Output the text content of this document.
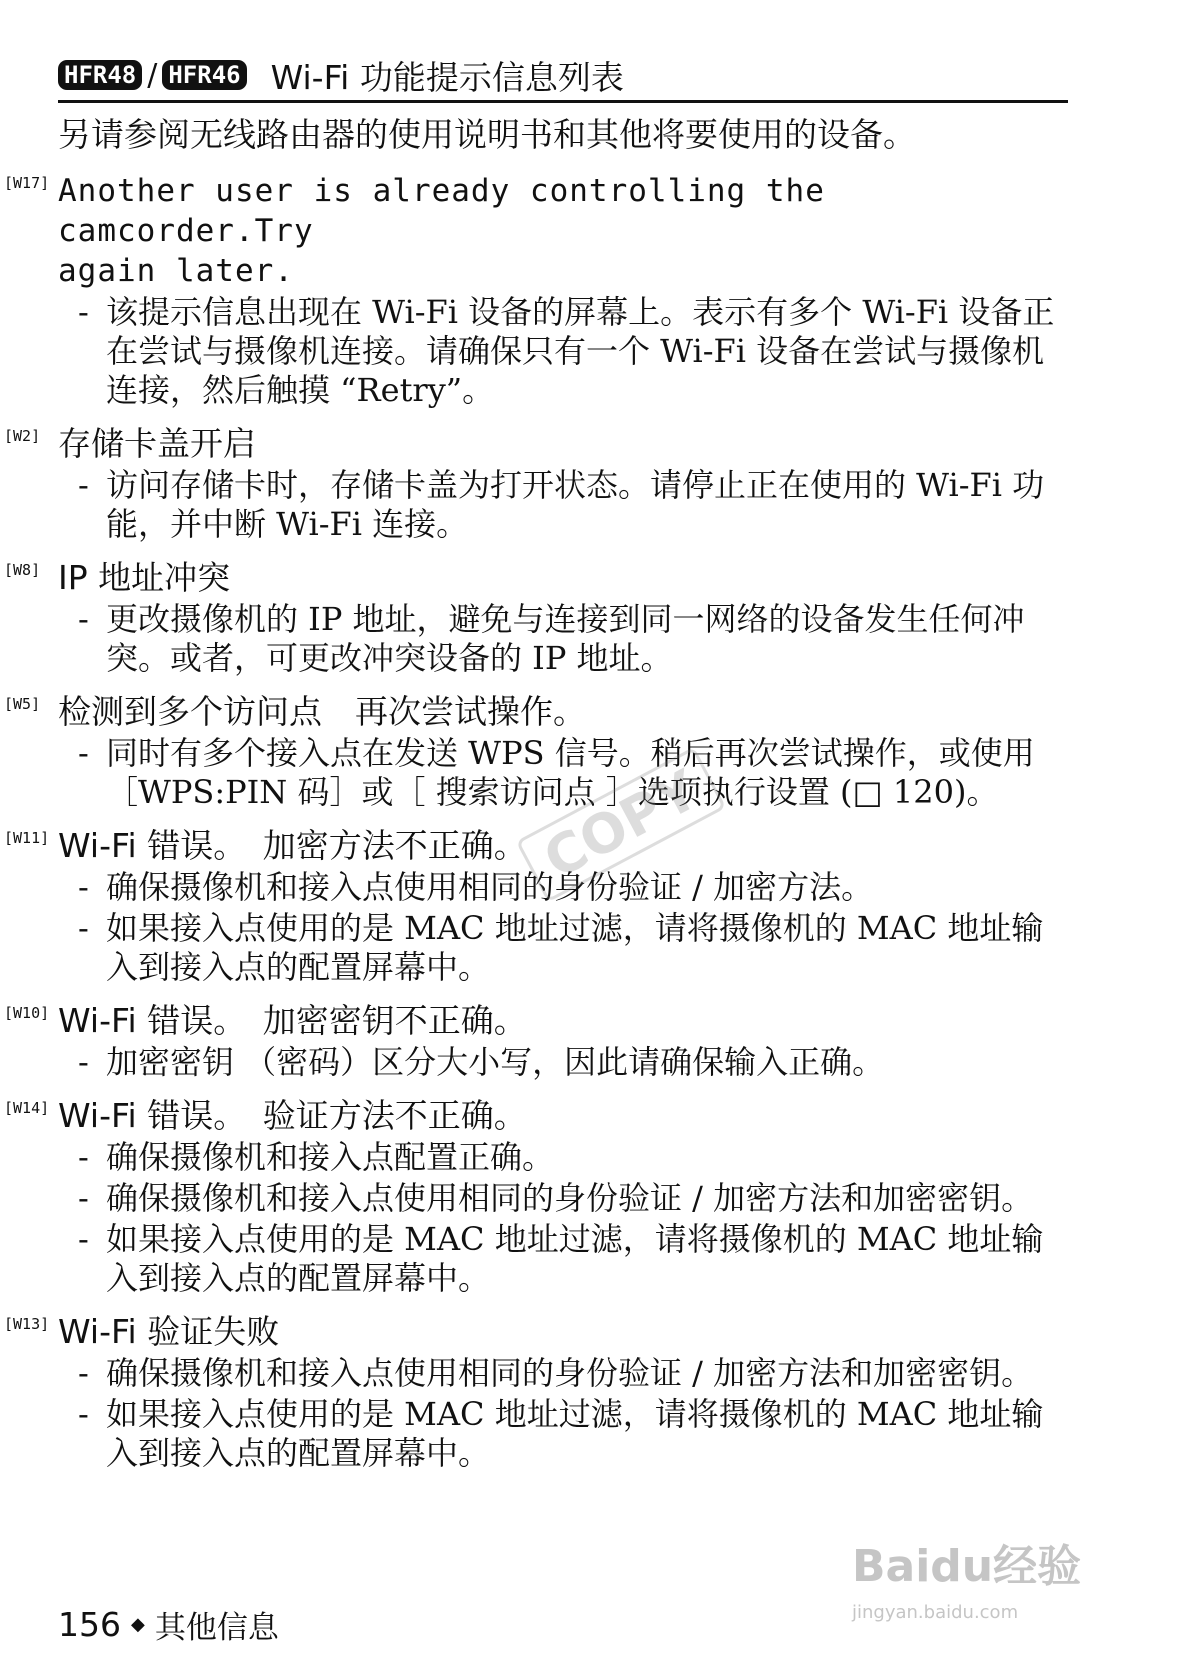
HFR48 / HFR46 Wi-Fi 功能提示信息列表
另请参阅无线路由器的使用说明书和其他将要使用的设备。
[W17] Another user is already controlling the camcorder.Try
again later.
- 该提示信息出现在 Wi-Fi 设备的屏幕上。表示有多个 Wi-Fi 设备正在尝试与摄像机连接。请确保只有一个 Wi-Fi 设备在尝试与摄像机连接，然后触摸 “Retry”。
[W2] 存储卡盖开启
- 访问存储卡时，存储卡盖为打开状态。请停止正在使用的 Wi-Fi 功能，并中断 Wi-Fi 连接。
[W8] IP 地址冲突
- 更改摄像机的 IP 地址，避免与连接到同一网络的设备发生任何冲突。或者，可更改冲突设备的 IP 地址。
[W5] 检测到多个访问点　再次尝试操作。
- 同时有多个接入点在发送 WPS 信号。稍后再次尝试操作，或使用［WPS:PIN 码］或［ 搜索访问点 ］选项执行设置 (□ 120)。
[W11] Wi-Fi 错误。　加密方法不正确。
- 确保摄像机和接入点使用相同的身份验证 / 加密方法。
- 如果接入点使用的是 MAC 地址过滤，请将摄像机的 MAC 地址输入到接入点的配置屏幕中。
[W10] Wi-Fi 错误。　加密密钥不正确。
- 加密密钥 （密码）区分大小写，因此请确保输入正确。
[W14] Wi-Fi 错误。　验证方法不正确。
- 确保摄像机和接入点配置正确。
- 确保摄像机和接入点使用相同的身份验证 / 加密方法和加密密钥。
- 如果接入点使用的是 MAC 地址过滤，请将摄像机的 MAC 地址输入到接入点的配置屏幕中。
[W13] Wi-Fi 验证失败
- 确保摄像机和接入点使用相同的身份验证 / 加密方法和加密密钥。
- 如果接入点使用的是 MAC 地址过滤，请将摄像机的 MAC 地址输入到接入点的配置屏幕中。
COPY
156 ◆ 其他信息
Baidu经验
jingyan.baidu.com
